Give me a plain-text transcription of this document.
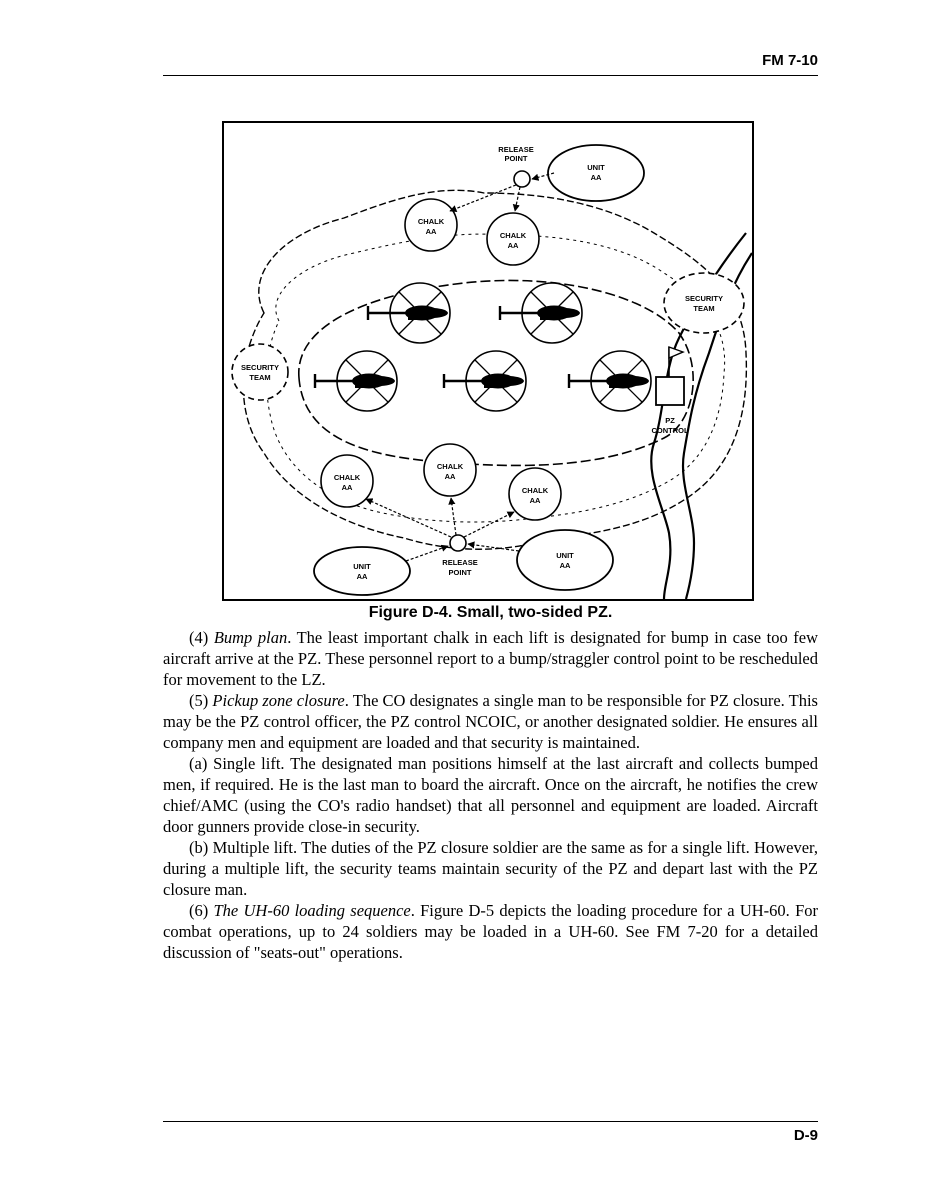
FM 7-10
PZ
CONTROL
SECURITY
TEAM
SECURITY
TEAM
UNIT
AA
RELEASE
POINT
CHALK
AA	CHALK
AA
UNIT
AA
UNIT
AA
RELEASE
POINT
CHALK
AA
CHALK
AA
CHALK
AA
Figure D-4. Small, two-sided PZ.

(4) Bump plan. The least important chalk in each lift is designated for bump in case too few aircraft arrive at the PZ. These personnel report to a bump/straggler control point to be rescheduled for movement to the LZ.

(5) Pickup zone closure. The CO designates a single man to be responsible for PZ closure. This may be the PZ control officer, the PZ control NCOIC, or another designated soldier. He ensures all company men and equipment are loaded and that security is maintained.

(a) Single lift. The designated man positions himself at the last aircraft and collects bumped men, if required. He is the last man to board the aircraft. Once on the aircraft, he notifies the crew chief/AMC (using the CO's radio handset) that all personnel and equipment are loaded. Aircraft door gunners provide close-in security.

(b) Multiple lift. The duties of the PZ closure soldier are the same as for a single lift. However, during a multiple lift, the security teams maintain security of the PZ and depart last with the PZ closure man.

(6) The UH-60 loading sequence. Figure D-5 depicts the loading procedure for a UH-60. For combat operations, up to 24 soldiers may be loaded in a UH-60. See FM 7-20 for a detailed discussion of "seats-out" operations.

D-9
